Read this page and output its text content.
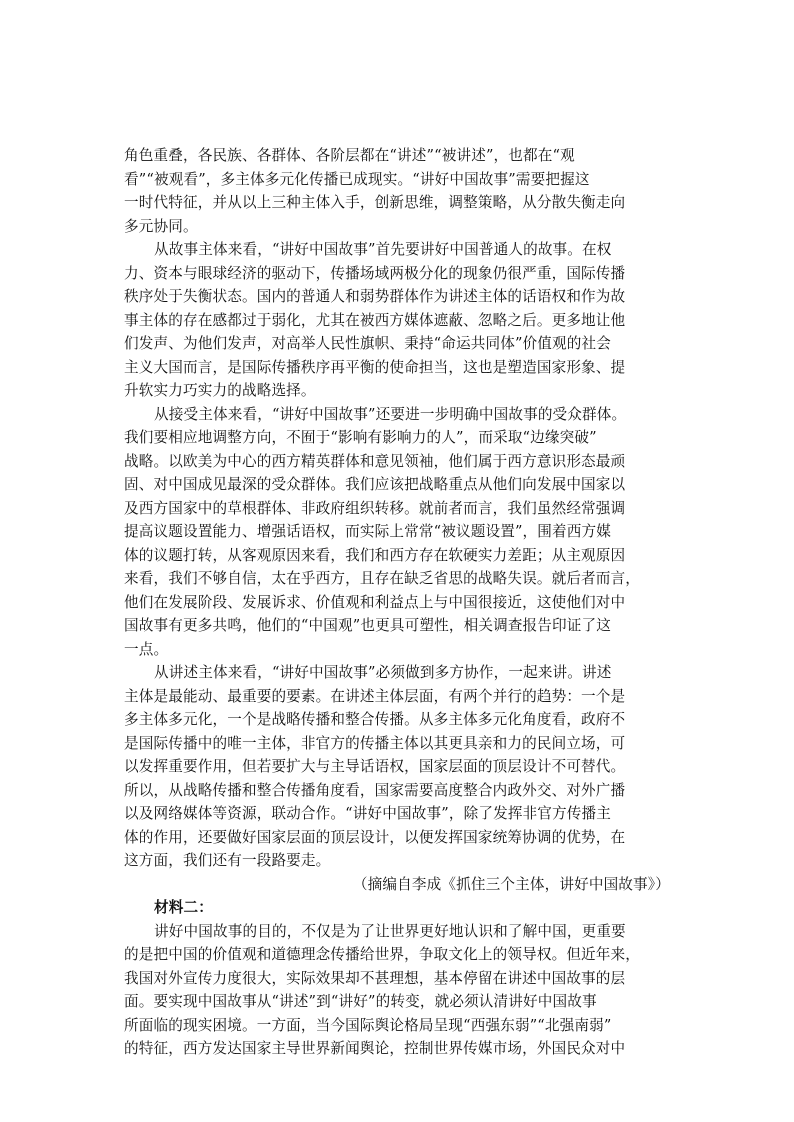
角色重叠，各民族、各群体、各阶层都在“讲述”“被讲述”，也都在“观
看”“被观看”，多主体多元化传播已成现实。“讲好中国故事”需要把握这
一时代特征，并从以上三种主体入手，创新思维，调整策略，从分散失衡走向
多元协同。
从故事主体来看，“讲好中国故事”首先要讲好中国普通人的故事。在权
力、资本与眼球经济的驱动下，传播场域两极分化的现象仍很严重，国际传播
秩序处于失衡状态。国内的普通人和弱势群体作为讲述主体的话语权和作为故
事主体的存在感都过于弱化，尤其在被西方媒体遮蔽、忽略之后。更多地让他
们发声、为他们发声，对高举人民性旗帜、秉持“命运共同体”价值观的社会
主义大国而言，是国际传播秩序再平衡的使命担当，这也是塑造国家形象、提
升软实力巧实力的战略选择。
从接受主体来看，“讲好中国故事”还要进一步明确中国故事的受众群体。
我们要相应地调整方向，不囿于“影响有影响力的人”，而采取“边缘突破”
战略。以欧美为中心的西方精英群体和意见领袖，他们属于西方意识形态最顽
固、对中国成见最深的受众群体。我们应该把战略重点从他们向发展中国家以
及西方国家中的草根群体、非政府组织转移。就前者而言，我们虽然经常强调
提高议题设置能力、增强话语权，而实际上常常“被议题设置”，围着西方媒
体的议题打转，从客观原因来看，我们和西方存在软硬实力差距；从主观原因
来看，我们不够自信，太在乎西方，且存在缺乏省思的战略失误。就后者而言，
他们在发展阶段、发展诉求、价值观和利益点上与中国很接近，这使他们对中
国故事有更多共鸣，他们的“中国观”也更具可塑性，相关调查报告印证了这
一点。
从讲述主体来看，“讲好中国故事”必须做到多方协作，一起来讲。讲述
主体是最能动、最重要的要素。在讲述主体层面，有两个并行的趋势：一个是
多主体多元化，一个是战略传播和整合传播。从多主体多元化角度看，政府不
是国际传播中的唯一主体，非官方的传播主体以其更具亲和力的民间立场，可
以发挥重要作用，但若要扩大与主导话语权，国家层面的顶层设计不可替代。
所以，从战略传播和整合传播角度看，国家需要高度整合内政外交、对外广播
以及网络媒体等资源，联动合作。“讲好中国故事”，除了发挥非官方传播主
体的作用，还要做好国家层面的顶层设计，以便发挥国家统筹协调的优势，在
这方面，我们还有一段路要走。
（摘编自李成《抓住三个主体，讲好中国故事》）
材料二：
讲好中国故事的目的，不仅是为了让世界更好地认识和了解中国，更重要
的是把中国的价值观和道德理念传播给世界，争取文化上的领导权。但近年来，
我国对外宣传力度很大，实际效果却不甚理想，基本停留在讲述中国故事的层
面。要实现中国故事从“讲述”到“讲好”的转变，就必须认清讲好中国故事
所面临的现实困境。一方面，当今国际舆论格局呈现“西强东弱”“北强南弱”
的特征，西方发达国家主导世界新闻舆论，控制世界传媒市场，外国民众对中
